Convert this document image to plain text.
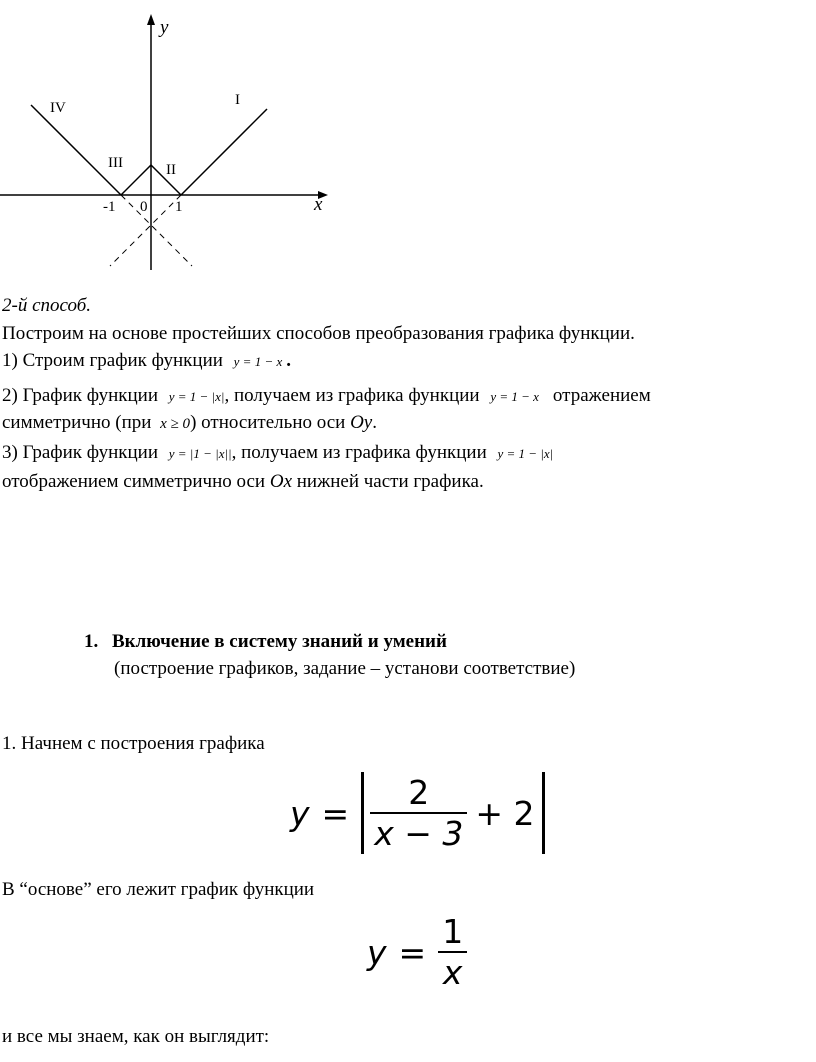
y
x
-1 0 1
I
II
III
IV
2-й способ.
Построим на основе простейших способов преобразования графика функции.
1) Строим график функции y = 1 − x .
2) График функции y = 1 − |x|, получаем из графика функции y = 1 − x отражением
симметрично (при x ≥ 0) относительно оси Oy.
3) График функции y = |1 − |x||, получаем из графика функции y = 1 − |x|
отображением симметрично оси Ox нижней части графика.
1. Включение в систему знаний и умений
(построение графиков, задание – установи соответствие)
1. Начнем с построения графика
$y = \frac{2}{x - 3} + 2$
В “основе” его лежит график функции
$y = \frac{1}{x}$
и все мы знаем, как он выглядит:
